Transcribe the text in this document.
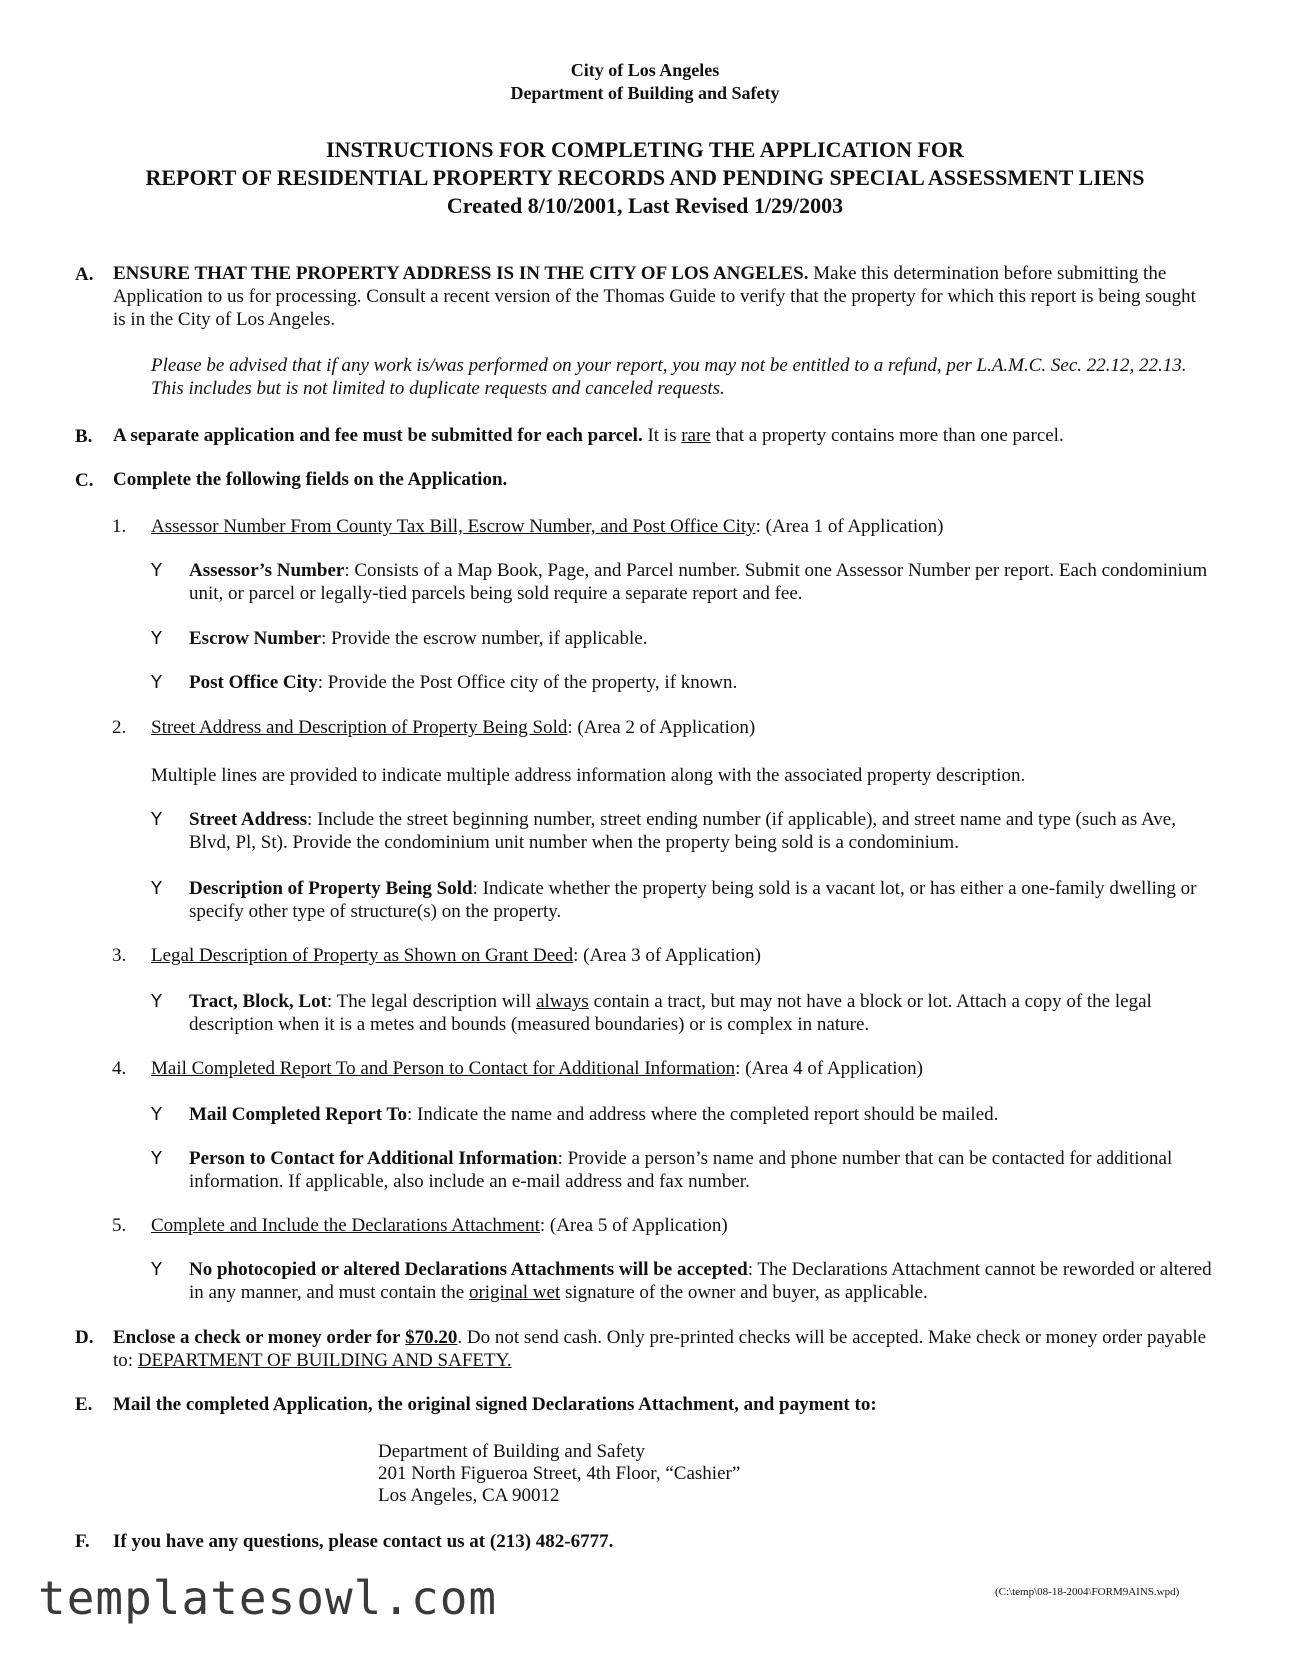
City of Los Angeles
Department of Building and Safety
INSTRUCTIONS FOR COMPLETING THE APPLICATION FOR
REPORT OF RESIDENTIAL PROPERTY RECORDS AND PENDING SPECIAL ASSESSMENT LIENS
Created 8/10/2001, Last Revised 1/29/2003
A.	ENSURE THAT THE PROPERTY ADDRESS IS IN THE CITY OF LOS ANGELES. Make this determination before submitting the Application to us for processing. Consult a recent version of the Thomas Guide to verify that the property for which this report is being sought is in the City of Los Angeles.
Please be advised that if any work is/was performed on your report, you may not be entitled to a refund, per L.A.M.C. Sec. 22.12, 22.13. This includes but is not limited to duplicate requests and canceled requests.
B.	A separate application and fee must be submitted for each parcel. It is rare that a property contains more than one parcel.
C.	Complete the following fields on the Application.
1. Assessor Number From County Tax Bill, Escrow Number, and Post Office City: (Area 1 of Application)
Y Assessor’s Number: Consists of a Map Book, Page, and Parcel number. Submit one Assessor Number per report. Each condominium unit, or parcel or legally-tied parcels being sold require a separate report and fee.
Y Escrow Number: Provide the escrow number, if applicable.
Y Post Office City: Provide the Post Office city of the property, if known.
2. Street Address and Description of Property Being Sold: (Area 2 of Application)
Multiple lines are provided to indicate multiple address information along with the associated property description.
Y Street Address: Include the street beginning number, street ending number (if applicable), and street name and type (such as Ave, Blvd, Pl, St). Provide the condominium unit number when the property being sold is a condominium.
Y Description of Property Being Sold: Indicate whether the property being sold is a vacant lot, or has either a one-family dwelling or specify other type of structure(s) on the property.
3. Legal Description of Property as Shown on Grant Deed: (Area 3 of Application)
Y Tract, Block, Lot: The legal description will always contain a tract, but may not have a block or lot. Attach a copy of the legal description when it is a metes and bounds (measured boundaries) or is complex in nature.
4. Mail Completed Report To and Person to Contact for Additional Information: (Area 4 of Application)
Y Mail Completed Report To: Indicate the name and address where the completed report should be mailed.
Y Person to Contact for Additional Information: Provide a person’s name and phone number that can be contacted for additional information. If applicable, also include an e-mail address and fax number.
5. Complete and Include the Declarations Attachment: (Area 5 of Application)
Y No photocopied or altered Declarations Attachments will be accepted: The Declarations Attachment cannot be reworded or altered in any manner, and must contain the original wet signature of the owner and buyer, as applicable.
D.	Enclose a check or money order for $70.20. Do not send cash. Only pre-printed checks will be accepted. Make check or money order payable to: DEPARTMENT OF BUILDING AND SAFETY.
E.	Mail the completed Application, the original signed Declarations Attachment, and payment to:
Department of Building and Safety
201 North Figueroa Street, 4th Floor, “Cashier”
Los Angeles, CA 90012
F.	If you have any questions, please contact us at (213) 482-6777.
templatesowl.com	(C:\temp\08-18-2004\FORM9AINS.wpd)
